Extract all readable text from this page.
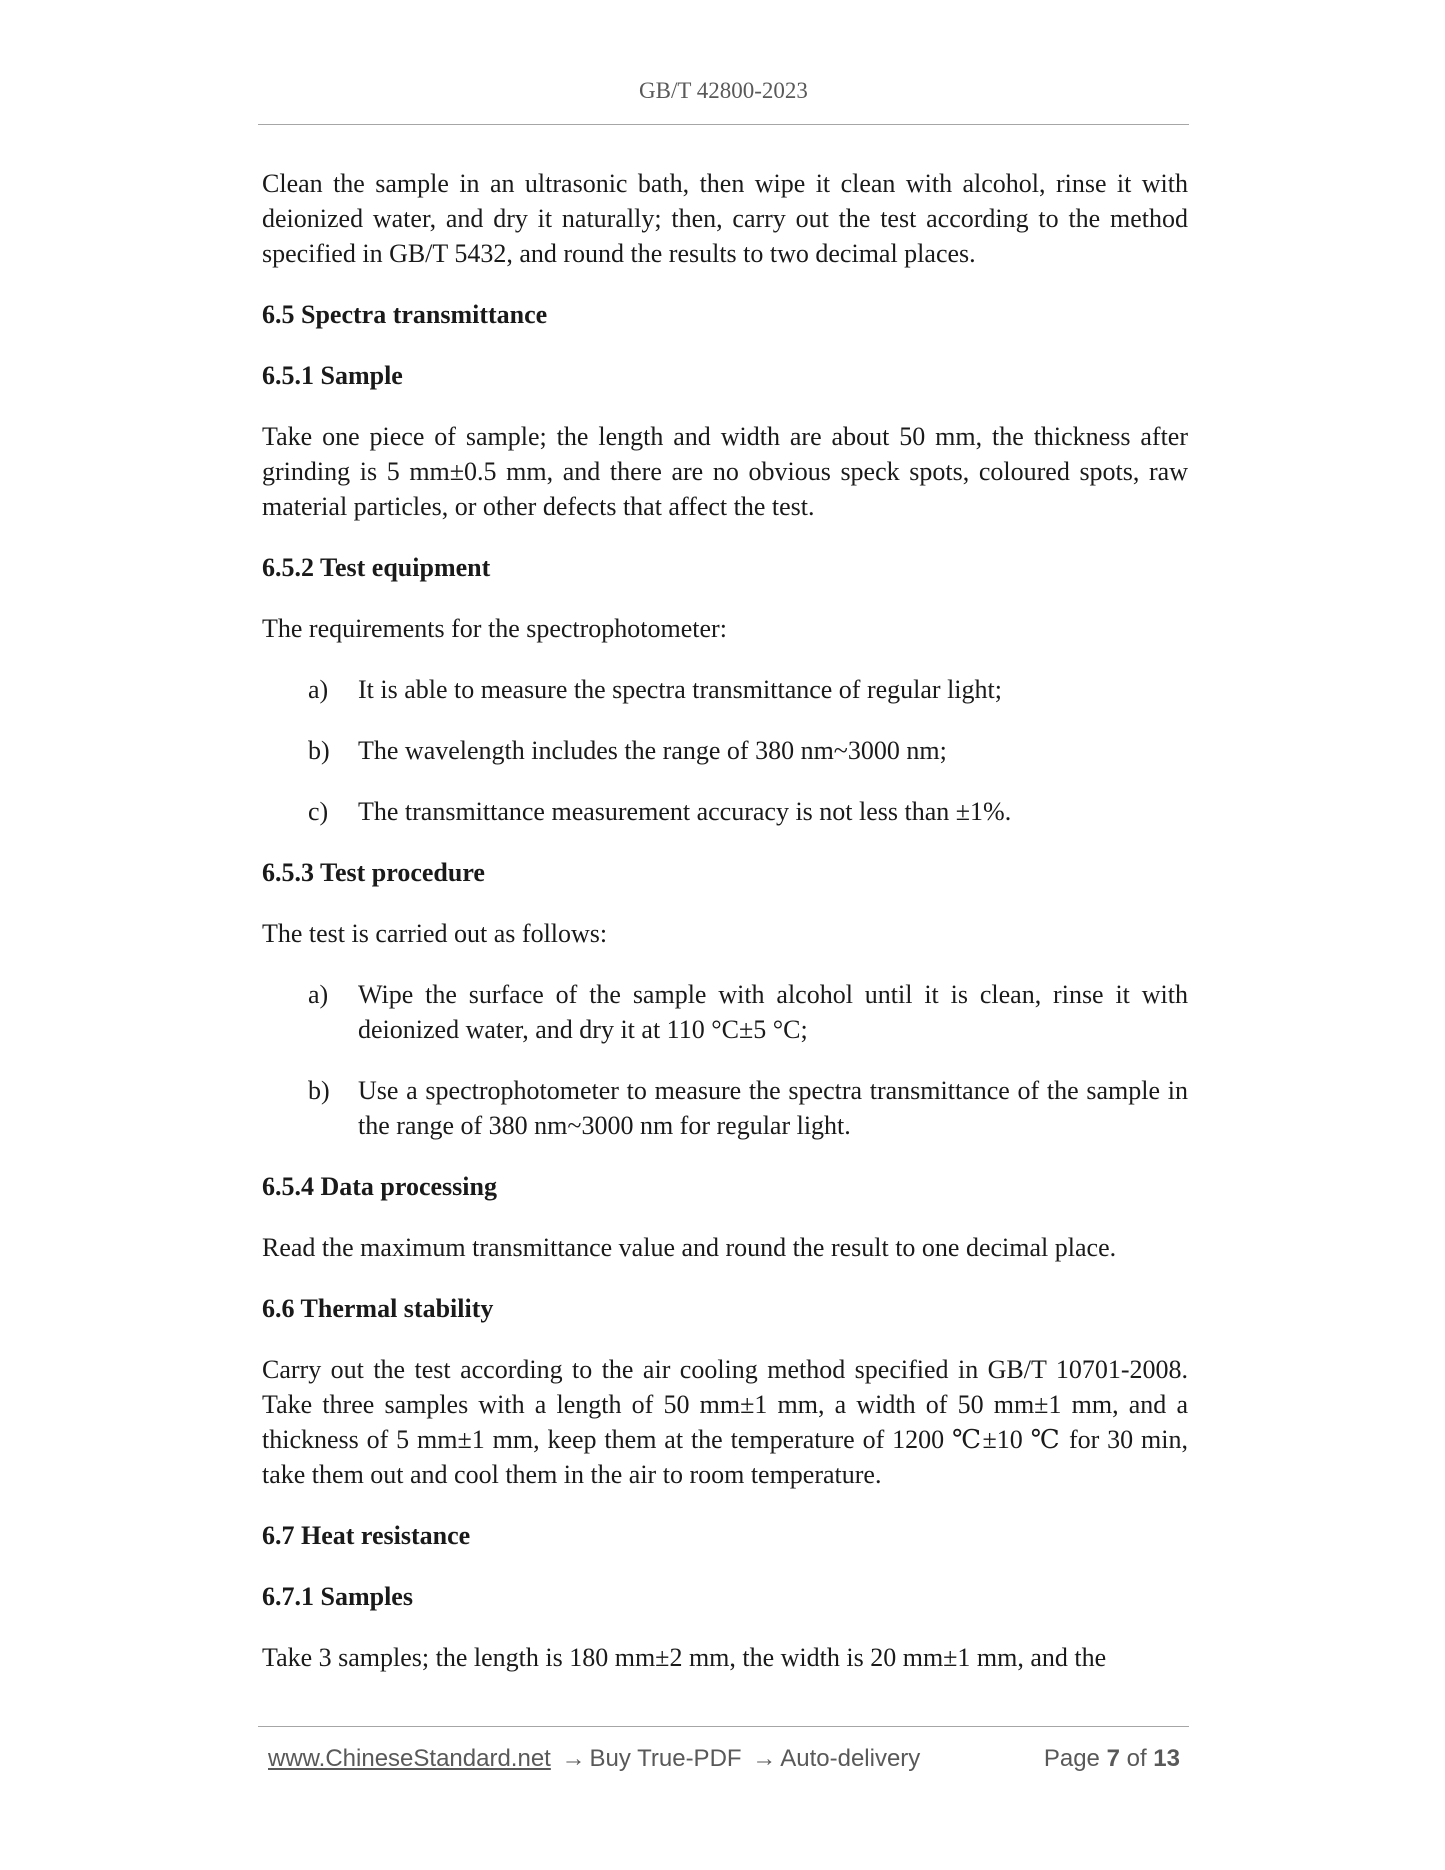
GB/T 42800-2023

Clean the sample in an ultrasonic bath, then wipe it clean with alcohol, rinse it with deionized water, and dry it naturally; then, carry out the test according to the method specified in GB/T 5432, and round the results to two decimal places.

6.5 Spectra transmittance

6.5.1 Sample

Take one piece of sample; the length and width are about 50 mm, the thickness after grinding is 5 mm±0.5 mm, and there are no obvious speck spots, coloured spots, raw material particles, or other defects that affect the test.

6.5.2 Test equipment

The requirements for the spectrophotometer:

a) It is able to measure the spectra transmittance of regular light;
b) The wavelength includes the range of 380 nm~3000 nm;
c) The transmittance measurement accuracy is not less than ±1%.

6.5.3 Test procedure

The test is carried out as follows:

a) Wipe the surface of the sample with alcohol until it is clean, rinse it with deionized water, and dry it at 110 °C±5 °C;
b) Use a spectrophotometer to measure the spectra transmittance of the sample in the range of 380 nm~3000 nm for regular light.

6.5.4 Data processing

Read the maximum transmittance value and round the result to one decimal place.

6.6 Thermal stability

Carry out the test according to the air cooling method specified in GB/T 10701-2008. Take three samples with a length of 50 mm±1 mm, a width of 50 mm±1 mm, and a thickness of 5 mm±1 mm, keep them at the temperature of 1200 ℃±10 ℃ for 30 min, take them out and cool them in the air to room temperature.

6.7 Heat resistance

6.7.1 Samples

Take 3 samples; the length is 180 mm±2 mm, the width is 20 mm±1 mm, and the

www.ChineseStandard.net → Buy True-PDF → Auto-delivery	Page 7 of 13
